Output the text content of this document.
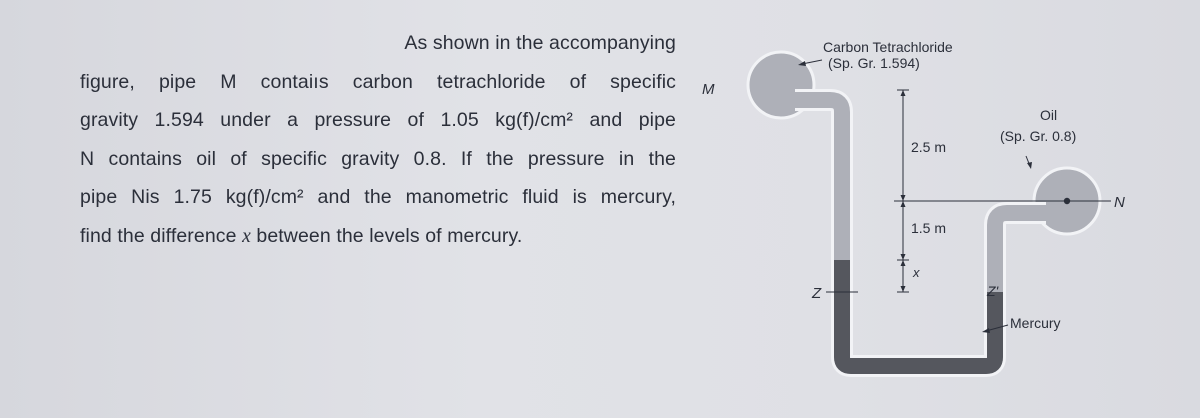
As shown in the accompanying
figure, pipe M contaiıs carbon tetrachloride of specific
gravity 1.594 under a pressure of 1.05 kg(f)/cm² and pipe
N contains oil of specific gravity 0.8. If the pressure in the
pipe Nis 1.75 kg(f)/cm² and the manometric fluid is mercury,
find the difference x between the levels of mercury.
Carbon Tetrachloride
(Sp. Gr. 1.594)
M
Oil
(Sp. Gr. 0.8)
2.5 m
1.5 m
x
Z	Z'
N
Mercury
